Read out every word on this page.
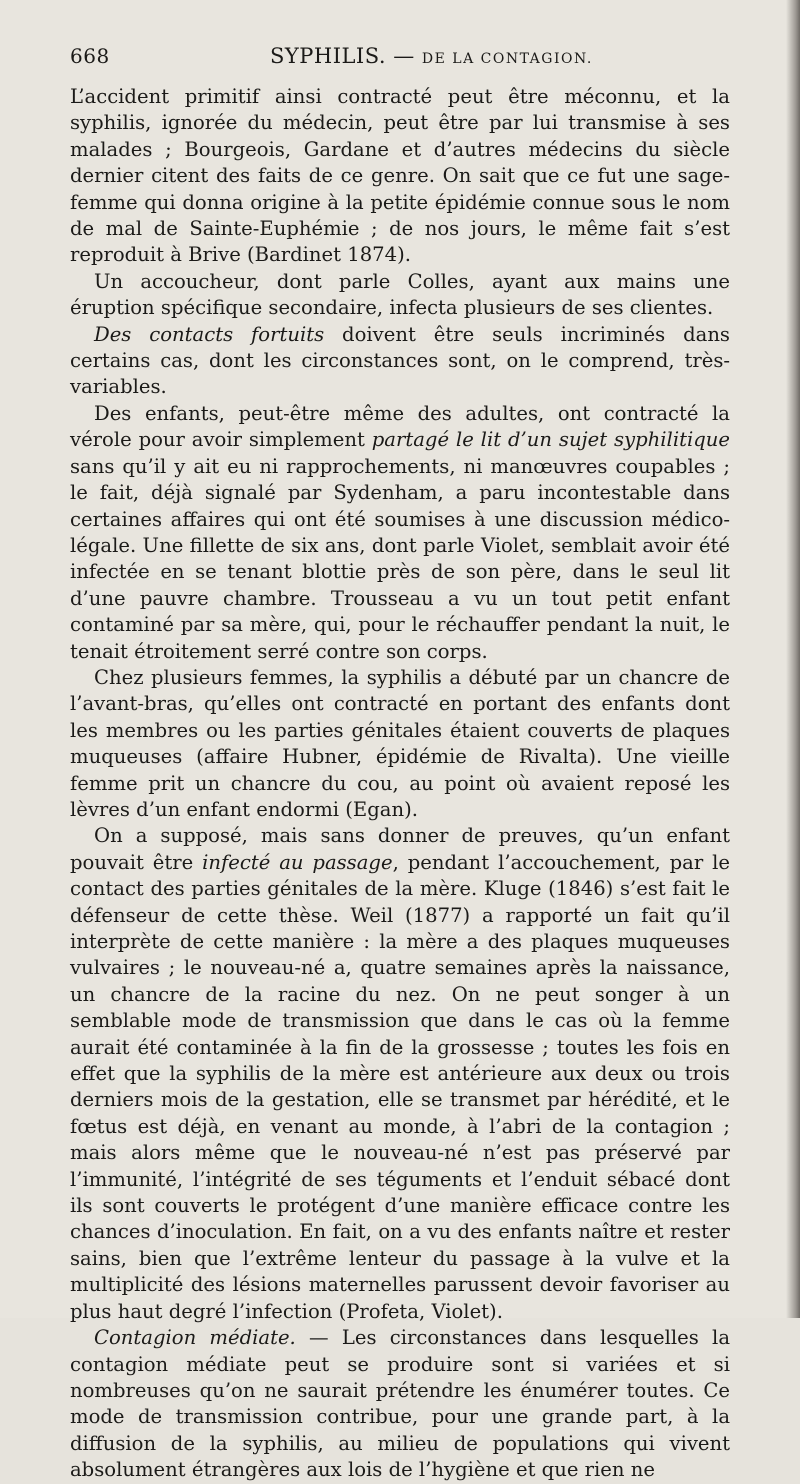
668	SYPHILIS. — DE LA CONTAGION.

L’accident primitif ainsi contracté peut être méconnu, et la syphilis, ignorée du médecin, peut être par lui transmise à ses malades ; Bourgeois, Gardane et d’autres médecins du siècle dernier citent des faits de ce genre. On sait que ce fut une sage-femme qui donna origine à la petite épidémie connue sous le nom de mal de Sainte-Euphémie ; de nos jours, le même fait s’est reproduit à Brive (Bardinet 1874).

Un accoucheur, dont parle Colles, ayant aux mains une éruption spécifique secondaire, infecta plusieurs de ses clientes.

Des contacts fortuits doivent être seuls incriminés dans certains cas, dont les circonstances sont, on le comprend, très-variables.

Des enfants, peut-être même des adultes, ont contracté la vérole pour avoir simplement partagé le lit d’un sujet syphilitique sans qu’il y ait eu ni rapprochements, ni manœuvres coupables ; le fait, déjà signalé par Sydenham, a paru incontestable dans certaines affaires qui ont été soumises à une discussion médico-légale. Une fillette de six ans, dont parle Violet, semblait avoir été infectée en se tenant blottie près de son père, dans le seul lit d’une pauvre chambre. Trousseau a vu un tout petit enfant contaminé par sa mère, qui, pour le réchauffer pendant la nuit, le tenait étroitement serré contre son corps.

Chez plusieurs femmes, la syphilis a débuté par un chancre de l’avant-bras, qu’elles ont contracté en portant des enfants dont les membres ou les parties génitales étaient couverts de plaques muqueuses (affaire Hubner, épidémie de Rivalta). Une vieille femme prit un chancre du cou, au point où avaient reposé les lèvres d’un enfant endormi (Egan).

On a supposé, mais sans donner de preuves, qu’un enfant pouvait être infecté au passage, pendant l’accouchement, par le contact des parties génitales de la mère. Kluge (1846) s’est fait le défenseur de cette thèse. Weil (1877) a rapporté un fait qu’il interprète de cette manière : la mère a des plaques muqueuses vulvaires ; le nouveau-né a, quatre semaines après la naissance, un chancre de la racine du nez. On ne peut songer à un semblable mode de transmission que dans le cas où la femme aurait été contaminée à la fin de la grossesse ; toutes les fois en effet que la syphilis de la mère est antérieure aux deux ou trois derniers mois de la gestation, elle se transmet par hérédité, et le fœtus est déjà, en venant au monde, à l’abri de la contagion ; mais alors même que le nouveau-né n’est pas préservé par l’immunité, l’intégrité de ses téguments et l’enduit sébacé dont ils sont couverts le protégent d’une manière efficace contre les chances d’inoculation. En fait, on a vu des enfants naître et rester sains, bien que l’extrême lenteur du passage à la vulve et la multiplicité des lésions maternelles parussent devoir favoriser au plus haut degré l’infection (Profeta, Violet).

Contagion médiate. — Les circonstances dans lesquelles la contagion médiate peut se produire sont si variées et si nombreuses qu’on ne saurait prétendre les énumérer toutes. Ce mode de transmission contribue, pour une grande part, à la diffusion de la syphilis, au milieu de populations qui vivent absolument étrangères aux lois de l’hygiène et que rien ne
